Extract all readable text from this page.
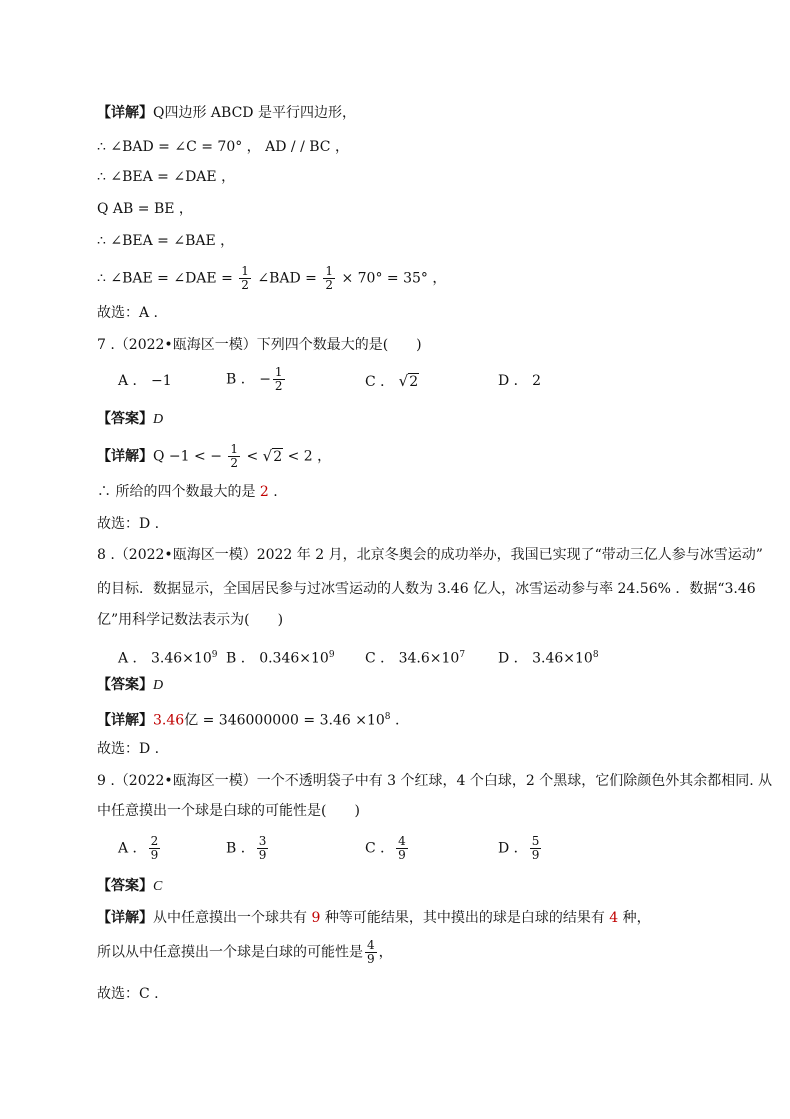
【详解】Q四边形 ABCD 是平行四边形，
∴ ∠BAD = ∠C = 70° ， AD / / BC ，
∴ ∠BEA = ∠DAE ，
Q AB = BE ，
∴ ∠BEA = ∠BAE ，
∴ ∠BAE = ∠DAE = $\frac{1}{2}$ ∠BAD = $\frac{1}{2} \times 70^\circ = 35^\circ$ ，
故选：A .
7 .（2022•瓯海区一模）下列四个数最大的是(　　)
A ． −1	B ． − $\frac{1}{2}$	C ． √2	D ． 2
【答案】D
【详解】Q −1 < − $\frac{1}{2} < √2 < 2$ ，
∴ 所给的四个数最大的是 2 .
故选：D .
8 .（2022•瓯海区一模）2022 年 2 月，北京冬奥会的成功举办，我国已实现了“带动三亿人参与冰雪运动”
的目标．数据显示，全国居民参与过冰雪运动的人数为 3.46 亿人，冰雪运动参与率 24.56% ．数据“3.46
亿”用科学记数法表示为(　　)
A ． $3.46\times 10^9$ B ． $0.346\times 10^9$ C ． $34.6\times 10^7$ D ． $3.46\times 10^8$
【答案】D
【详解】3.46亿 = $346000000 = 3.46 \times 10^8$ .
故选：D .
9 .（2022•瓯海区一模）一个不透明袋子中有 3 个红球，4 个白球，2 个黑球，它们除颜色外其余都相同. 从
中任意摸出一个球是白球的可能性是(　　)
A ． $\frac{2}{9}$	B ． $\frac{3}{9}$	C ． $\frac{4}{9}$	D ． $\frac{5}{9}$
【答案】C
【详解】从中任意摸出一个球共有 9 种等可能结果，其中摸出的球是白球的结果有 4 种，
所以从中任意摸出一个球是白球的可能性是 $\frac{4}{9}$ ，
故选：C .
